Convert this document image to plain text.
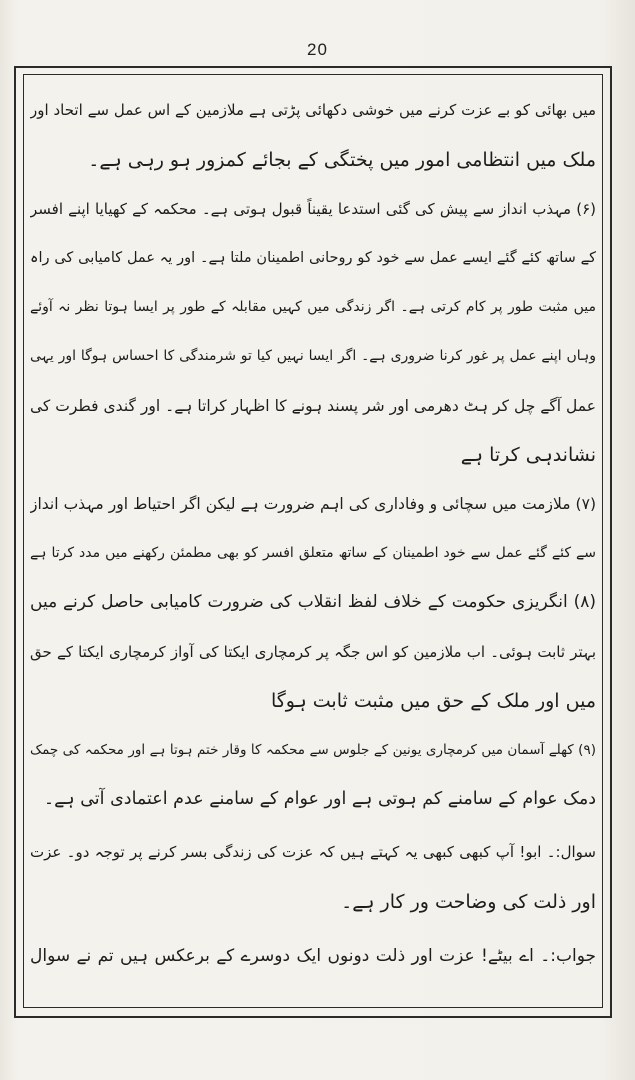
20
میں بھائی کو بے عزت کرنے میں خوشی دکھائی پڑتی ہے ملازمین کے اس عمل سے اتحاد اور
ملک میں انتظامی امور میں پختگی کے بجائے کمزور ہو رہی ہے۔
(۶) مہذب انداز سے پیش کی گئی استدعا یقیناً قبول ہوتی ہے۔ محکمہ کے کھیایا اپنے افسر
کے ساتھ کئے گئے ایسے عمل سے خود کو روحانی اطمینان ملتا ہے۔ اور یہ عمل کامیابی کی راہ
میں مثبت طور پر کام کرتی ہے۔ اگر زندگی میں کہیں مقابلہ کے طور پر ایسا ہوتا نظر نہ آوئے
وہاں اپنے عمل پر غور کرنا ضروری ہے۔ اگر ایسا نہیں کیا تو شرمندگی کا احساس ہوگا اور یہی
عمل آگے چل کر ہٹ دھرمی اور شر پسند ہونے کا اظہار کراتا ہے۔ اور گندی فطرت کی
نشاندہی کرتا ہے
(۷) ملازمت میں سچائی و وفاداری کی اہم ضرورت ہے لیکن اگر احتیاط اور مہذب انداز
سے کئے گئے عمل سے خود اطمینان کے ساتھ متعلق افسر کو بھی مطمئن رکھنے میں مدد کرتا ہے
(۸) انگریزی حکومت کے خلاف لفظ انقلاب کی ضرورت کامیابی حاصل کرنے میں
بہتر ثابت ہوئی۔ اب ملازمین کو اس جگہ پر کرمچاری ایکتا کی آواز کرمچاری ایکتا کے حق
میں اور ملک کے حق میں مثبت ثابت ہوگا
(۹) کھلے آسمان میں کرمچاری یونین کے جلوس سے محکمہ کا وقار ختم ہوتا ہے اور محکمہ کی چمک
دمک عوام کے سامنے کم ہوتی ہے اور عوام کے سامنے عدم اعتمادی آتی ہے۔
سوال:۔ ابو! آپ کبھی کبھی یہ کہتے ہیں کہ عزت کی زندگی بسر کرنے پر توجہ دو۔ عزت
اور ذلت کی وضاحت ور کار ہے۔
جواب:۔ اے بیٹے! عزت اور ذلت دونوں ایک دوسرے کے برعکس ہیں تم نے سوال
